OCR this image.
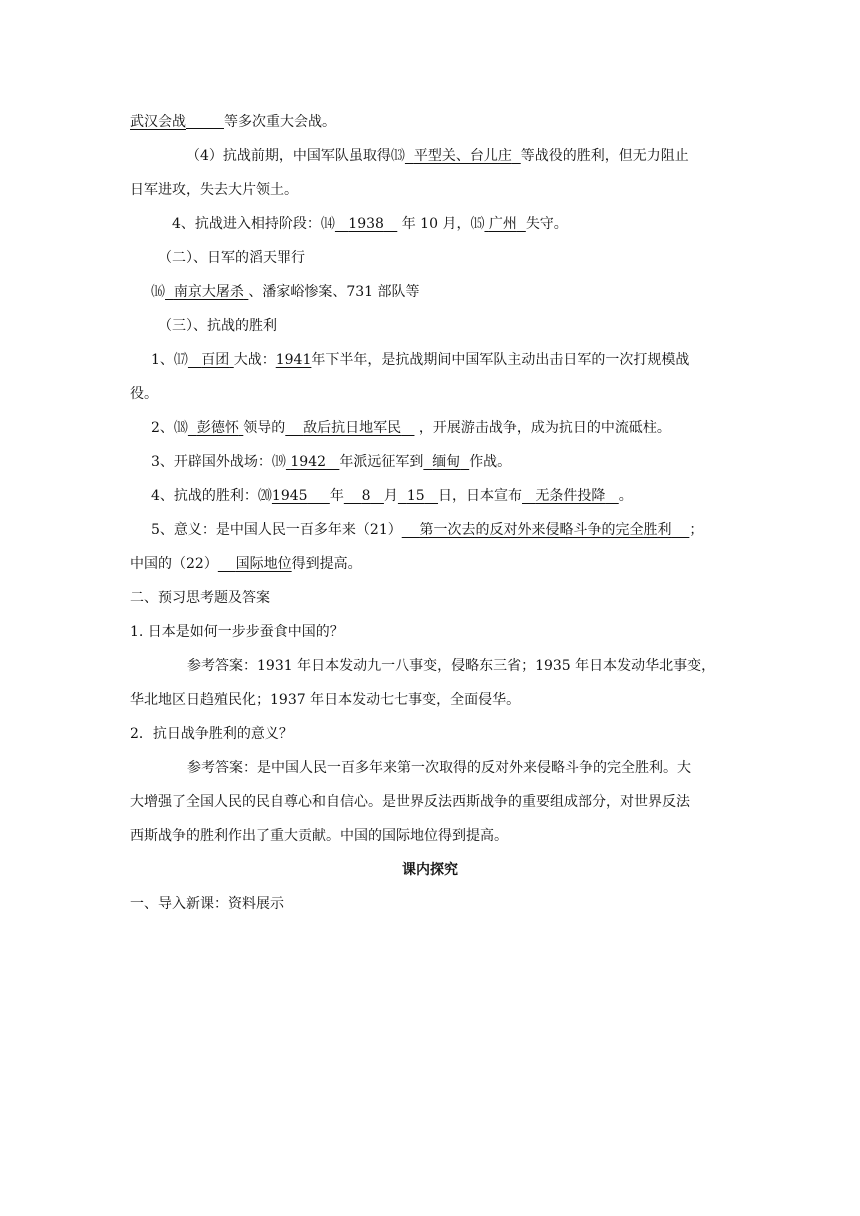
武汉会战	等多次重大会战。
（4）抗战前期，中国军队虽取得⒀ 平型关、台儿庄 等战役的胜利，但无力阻止
日军进攻，失去大片领土。
4、抗战进入相持阶段：⒁ 1938 年 10 月，⒂ 广州 失守。
（二）、日军的滔天罪行
⒃ 南京大屠杀 、潘家峪惨案、731 部队等
（三）、抗战的胜利
1、⒄ 百团 大战：1941年下半年，是抗战期间中国军队主动出击日军的一次打规模战
役。
2、⒅ 彭德怀 领导的 敌后抗日地军民 ，开展游击战争，成为抗日的中流砥柱。
3、开辟国外战场：⒆ 1942 年派远征军到 缅甸 作战。
4、抗战的胜利：⒇1945 年 8 月 15 日，日本宣布 无条件投降 。
5、意义：是中国人民一百多年来（21） 第一次去的反对外来侵略斗争的完全胜利 ；
中国的（22） 国际地位得到提高。
二、预习思考题及答案
1. 日本是如何一步步蚕食中国的？
参考答案：1931 年日本发动九一八事变，侵略东三省；1935 年日本发动华北事变，
华北地区日趋殖民化；1937 年日本发动七七事变，全面侵华。
2．抗日战争胜利的意义？
参考答案：是中国人民一百多年来第一次取得的反对外来侵略斗争的完全胜利。大
大增强了全国人民的民自尊心和自信心。是世界反法西斯战争的重要组成部分，对世界反法
西斯战争的胜利作出了重大贡献。中国的国际地位得到提高。
课内探究
一、导入新课：资料展示
